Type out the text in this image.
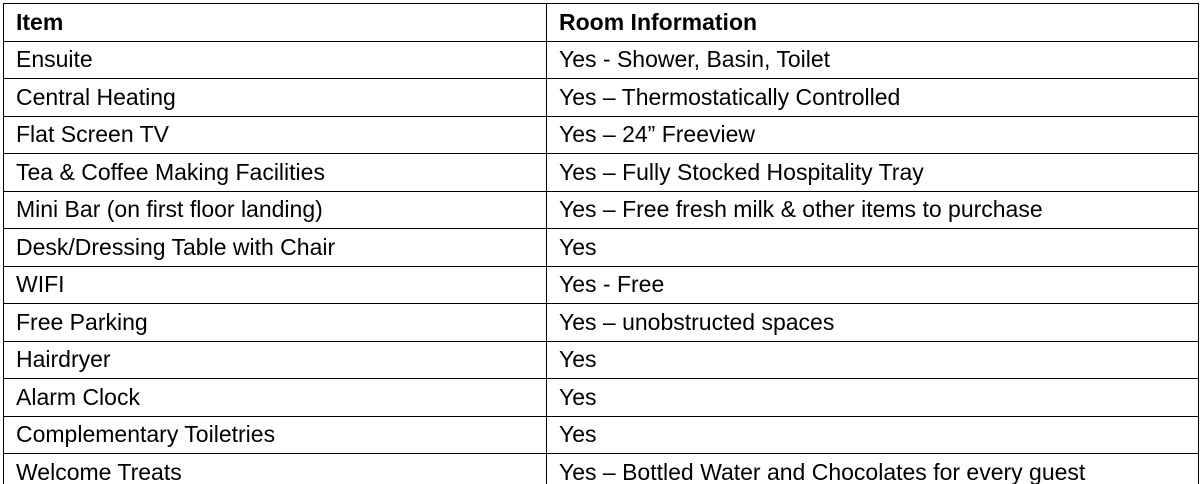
Item	Room Information
Ensuite	Yes - Shower, Basin, Toilet
Central Heating	Yes – Thermostatically Controlled
Flat Screen TV	Yes – 24” Freeview
Tea & Coffee Making Facilities	Yes – Fully Stocked Hospitality Tray
Mini Bar (on first floor landing)	Yes – Free fresh milk & other items to purchase
Desk/Dressing Table with Chair	Yes
WIFI	Yes - Free
Free Parking	Yes – unobstructed spaces
Hairdryer	Yes
Alarm Clock	Yes
Complementary Toiletries	Yes
Welcome Treats	Yes – Bottled Water and Chocolates for every guest
